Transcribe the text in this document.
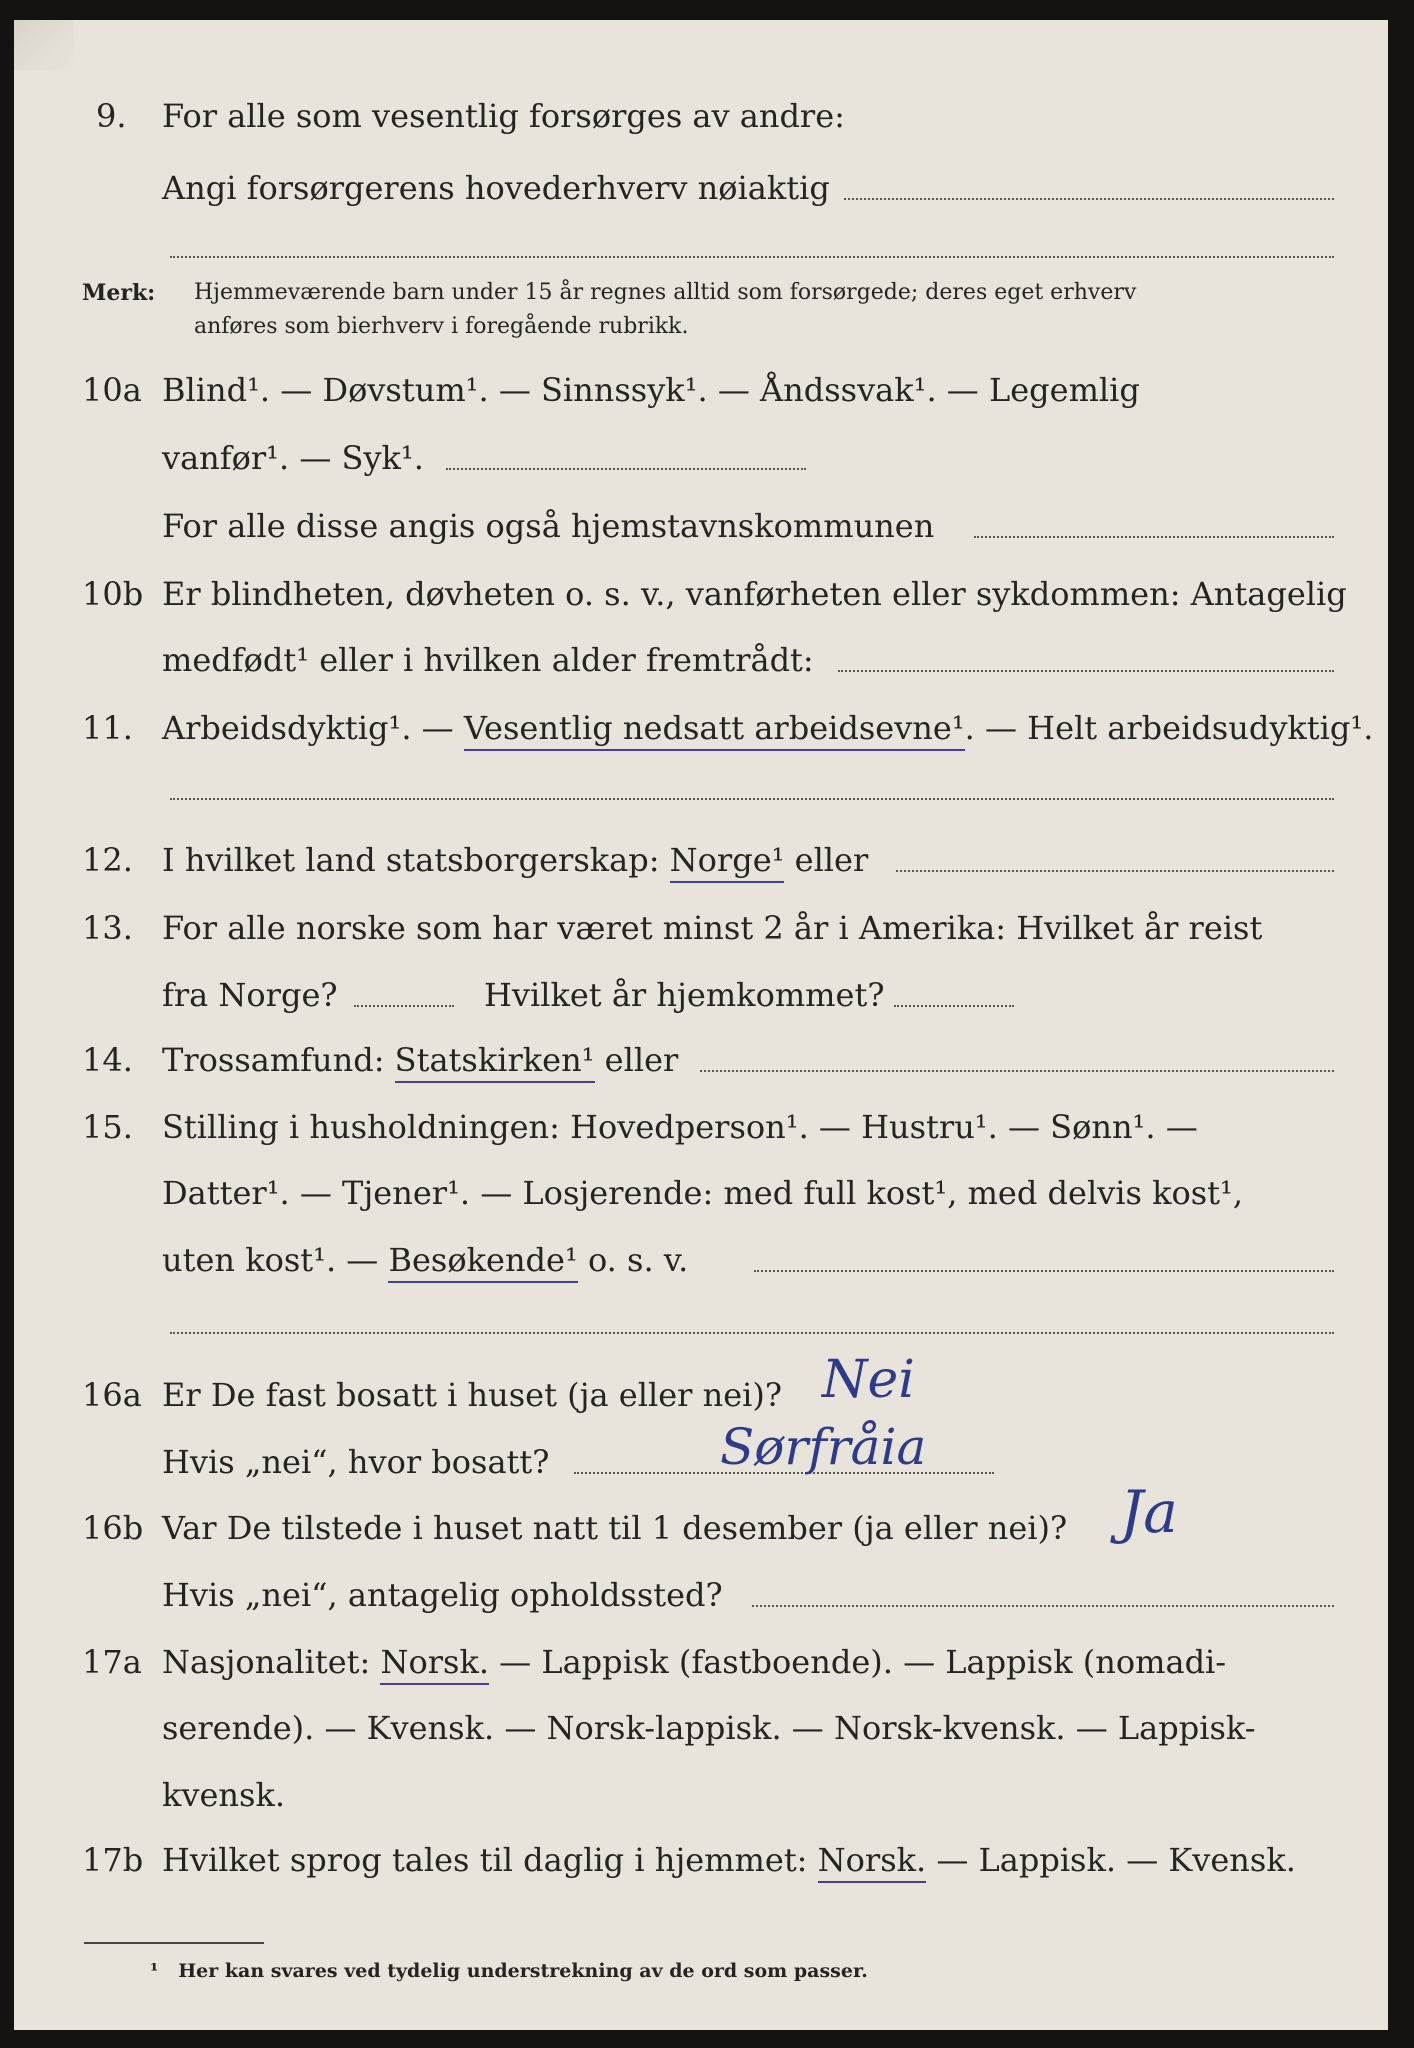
9. For alle som vesentlig forsørges av andre:
Angi forsørgerens hovederhverv nøiaktig
Merk: Hjemmeværende barn under 15 år regnes alltid som forsørgede; deres eget erhverv
anføres som bierhverv i foregående rubrikk.
10a Blind¹. — Døvstum¹. — Sinnssyk¹. — Åndssvak¹. — Legemlig
vanfør¹. — Syk¹.
For alle disse angis også hjemstavnskommunen
10b Er blindheten, døvheten o. s. v., vanførheten eller sykdommen: Antagelig
medfødt¹ eller i hvilken alder fremtrådt:
11. Arbeidsdyktig¹. — Vesentlig nedsatt arbeidsevne¹. — Helt arbeidsudyktig¹.
12. I hvilket land statsborgerskap: Norge¹ eller
13. For alle norske som har været minst 2 år i Amerika: Hvilket år reist
fra Norge?	Hvilket år hjemkommet?
14. Trossamfund: Statskirken¹ eller
15. Stilling i husholdningen: Hovedperson¹. — Hustru¹. — Sønn¹. —
Datter¹. — Tjener¹. — Losjerende: med full kost¹, med delvis kost¹,
uten kost¹. — Besøkende¹ o. s. v.
16a Er De fast bosatt i huset (ja eller nei)? Nei
Hvis „nei“, hvor bosatt?	Sørfråia
16b Var De tilstede i huset natt til 1 desember (ja eller nei)? Ja
Hvis „nei“, antagelig opholdssted?
17a Nasjonalitet: Norsk. — Lappisk (fastboende). — Lappisk (nomadi-
serende). — Kvensk. — Norsk-lappisk. — Norsk-kvensk. — Lappisk-
kvensk.
17b Hvilket sprog tales til daglig i hjemmet: Norsk. — Lappisk. — Kvensk.
¹ Her kan svares ved tydelig understrekning av de ord som passer.
